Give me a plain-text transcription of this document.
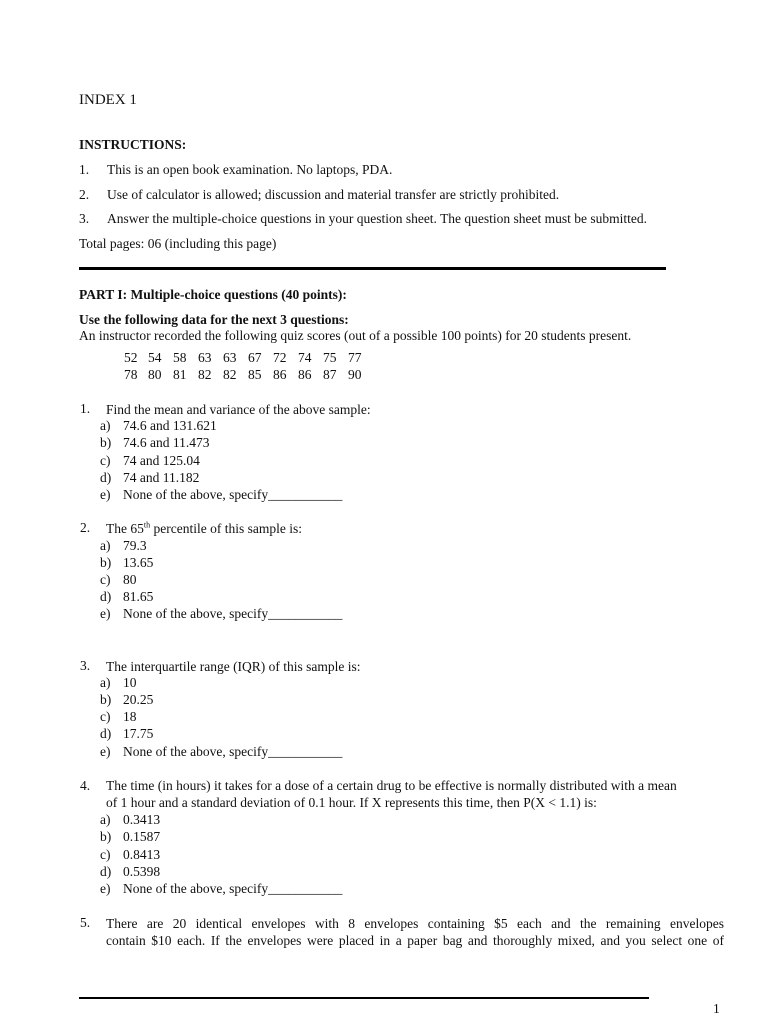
INDEX 1
INSTRUCTIONS:
1. This is an open book examination. No laptops, PDA.
2. Use of calculator is allowed; discussion and material transfer are strictly prohibited.
3. Answer the multiple-choice questions in your question sheet. The question sheet must be submitted.
Total pages: 06 (including this page)
PART I: Multiple-choice questions (40 points):
Use the following data for the next 3 questions:
An instructor recorded the following quiz scores (out of a possible 100 points) for 20 students present.
52 54 58 63 63 67 72 74 75 77
78 80 81 82 82 85 86 86 87 90
1. Find the mean and variance of the above sample:
a) 74.6 and 131.621
b) 74.6 and 11.473
c) 74 and 125.04
d) 74 and 11.182
e) None of the above, specify___________
2. The 65th percentile of this sample is:
a) 79.3
b) 13.65
c) 80
d) 81.65
e) None of the above, specify___________
3. The interquartile range (IQR) of this sample is:
a) 10
b) 20.25
c) 18
d) 17.75
e) None of the above, specify___________
4. The time (in hours) it takes for a dose of a certain drug to be effective is normally distributed with a mean
of 1 hour and a standard deviation of 0.1 hour. If X represents this time, then P(X < 1.1) is:
a) 0.3413
b) 0.1587
c) 0.8413
d) 0.5398
e) None of the above, specify___________
5. There are 20 identical envelopes with 8 envelopes containing $5 each and the remaining envelopes
contain $10 each. If the envelopes were placed in a paper bag and thoroughly mixed, and you select one of
1
